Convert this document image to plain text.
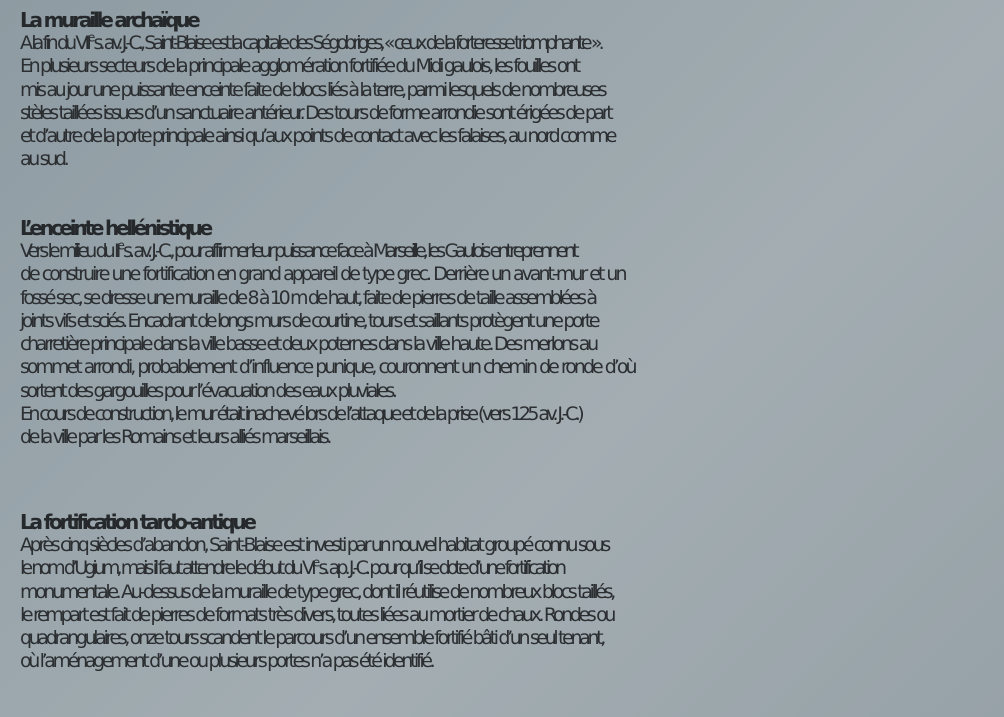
La muraille archaïque
A la fin du VIIe s. av. J.-C., Saint-Blaise est la capitale des Ségobriges, « ceux de la forteresse triomphante ».
En plusieurs secteurs de la principale agglomération fortifiée du Midi gaulois, les fouilles ont
mis au jour une puissante enceinte faite de blocs liés à la terre, parmi lesquels de nombreuses
stèles taillées issues d’un sanctuaire antérieur. Des tours de forme arrondie sont érigées de part
et d’autre de la porte principale ainsi qu’aux points de contact avec les falaises, au nord comme
au sud.
L’enceinte hellénistique
Vers le milieu du IIe s. av. J.-C., pour affirmer leur puissance face à Marseille, les Gaulois entreprennent
de construire une fortification en grand appareil de type grec. Derrière un avant-mur et un
fossé sec, se dresse une muraille de 8 à 10 m de haut, faite de pierres de taille assemblées à
joints vifs et sciés. Encadrant de longs murs de courtine, tours et saillants protègent une porte
charretière principale dans la ville basse et deux poternes dans la ville haute. Des merlons au
sommet arrondi, probablement d’influence punique, couronnent un chemin de ronde d’où
sortent des gargouilles pour l’évacuation des eaux pluviales.
En cours de construction, le mur était inachevé lors de l’attaque et de la prise (vers 125 av. J.-C.)
de la ville par les Romains et leurs alliés marseillais.
La fortification tardo-antique
Après cinq siècles d’abandon, Saint-Blaise est investi par un nouvel habitat groupé connu sous
le nom d’Ugium, mais il faut attendre le début du VIe s. ap. J.-C. pour qu’il se dote d’une fortification
monumentale. Au-dessus de la muraille de type grec, dont il réutilise de nombreux blocs taillés,
le rempart est fait de pierres de formats très divers, toutes liées au mortier de chaux. Rondes ou
quadrangulaires, onze tours scandent le parcours d’un ensemble fortifié bâti d’un seul tenant,
où l’aménagement d’une ou plusieurs portes n’a pas été identifié.
